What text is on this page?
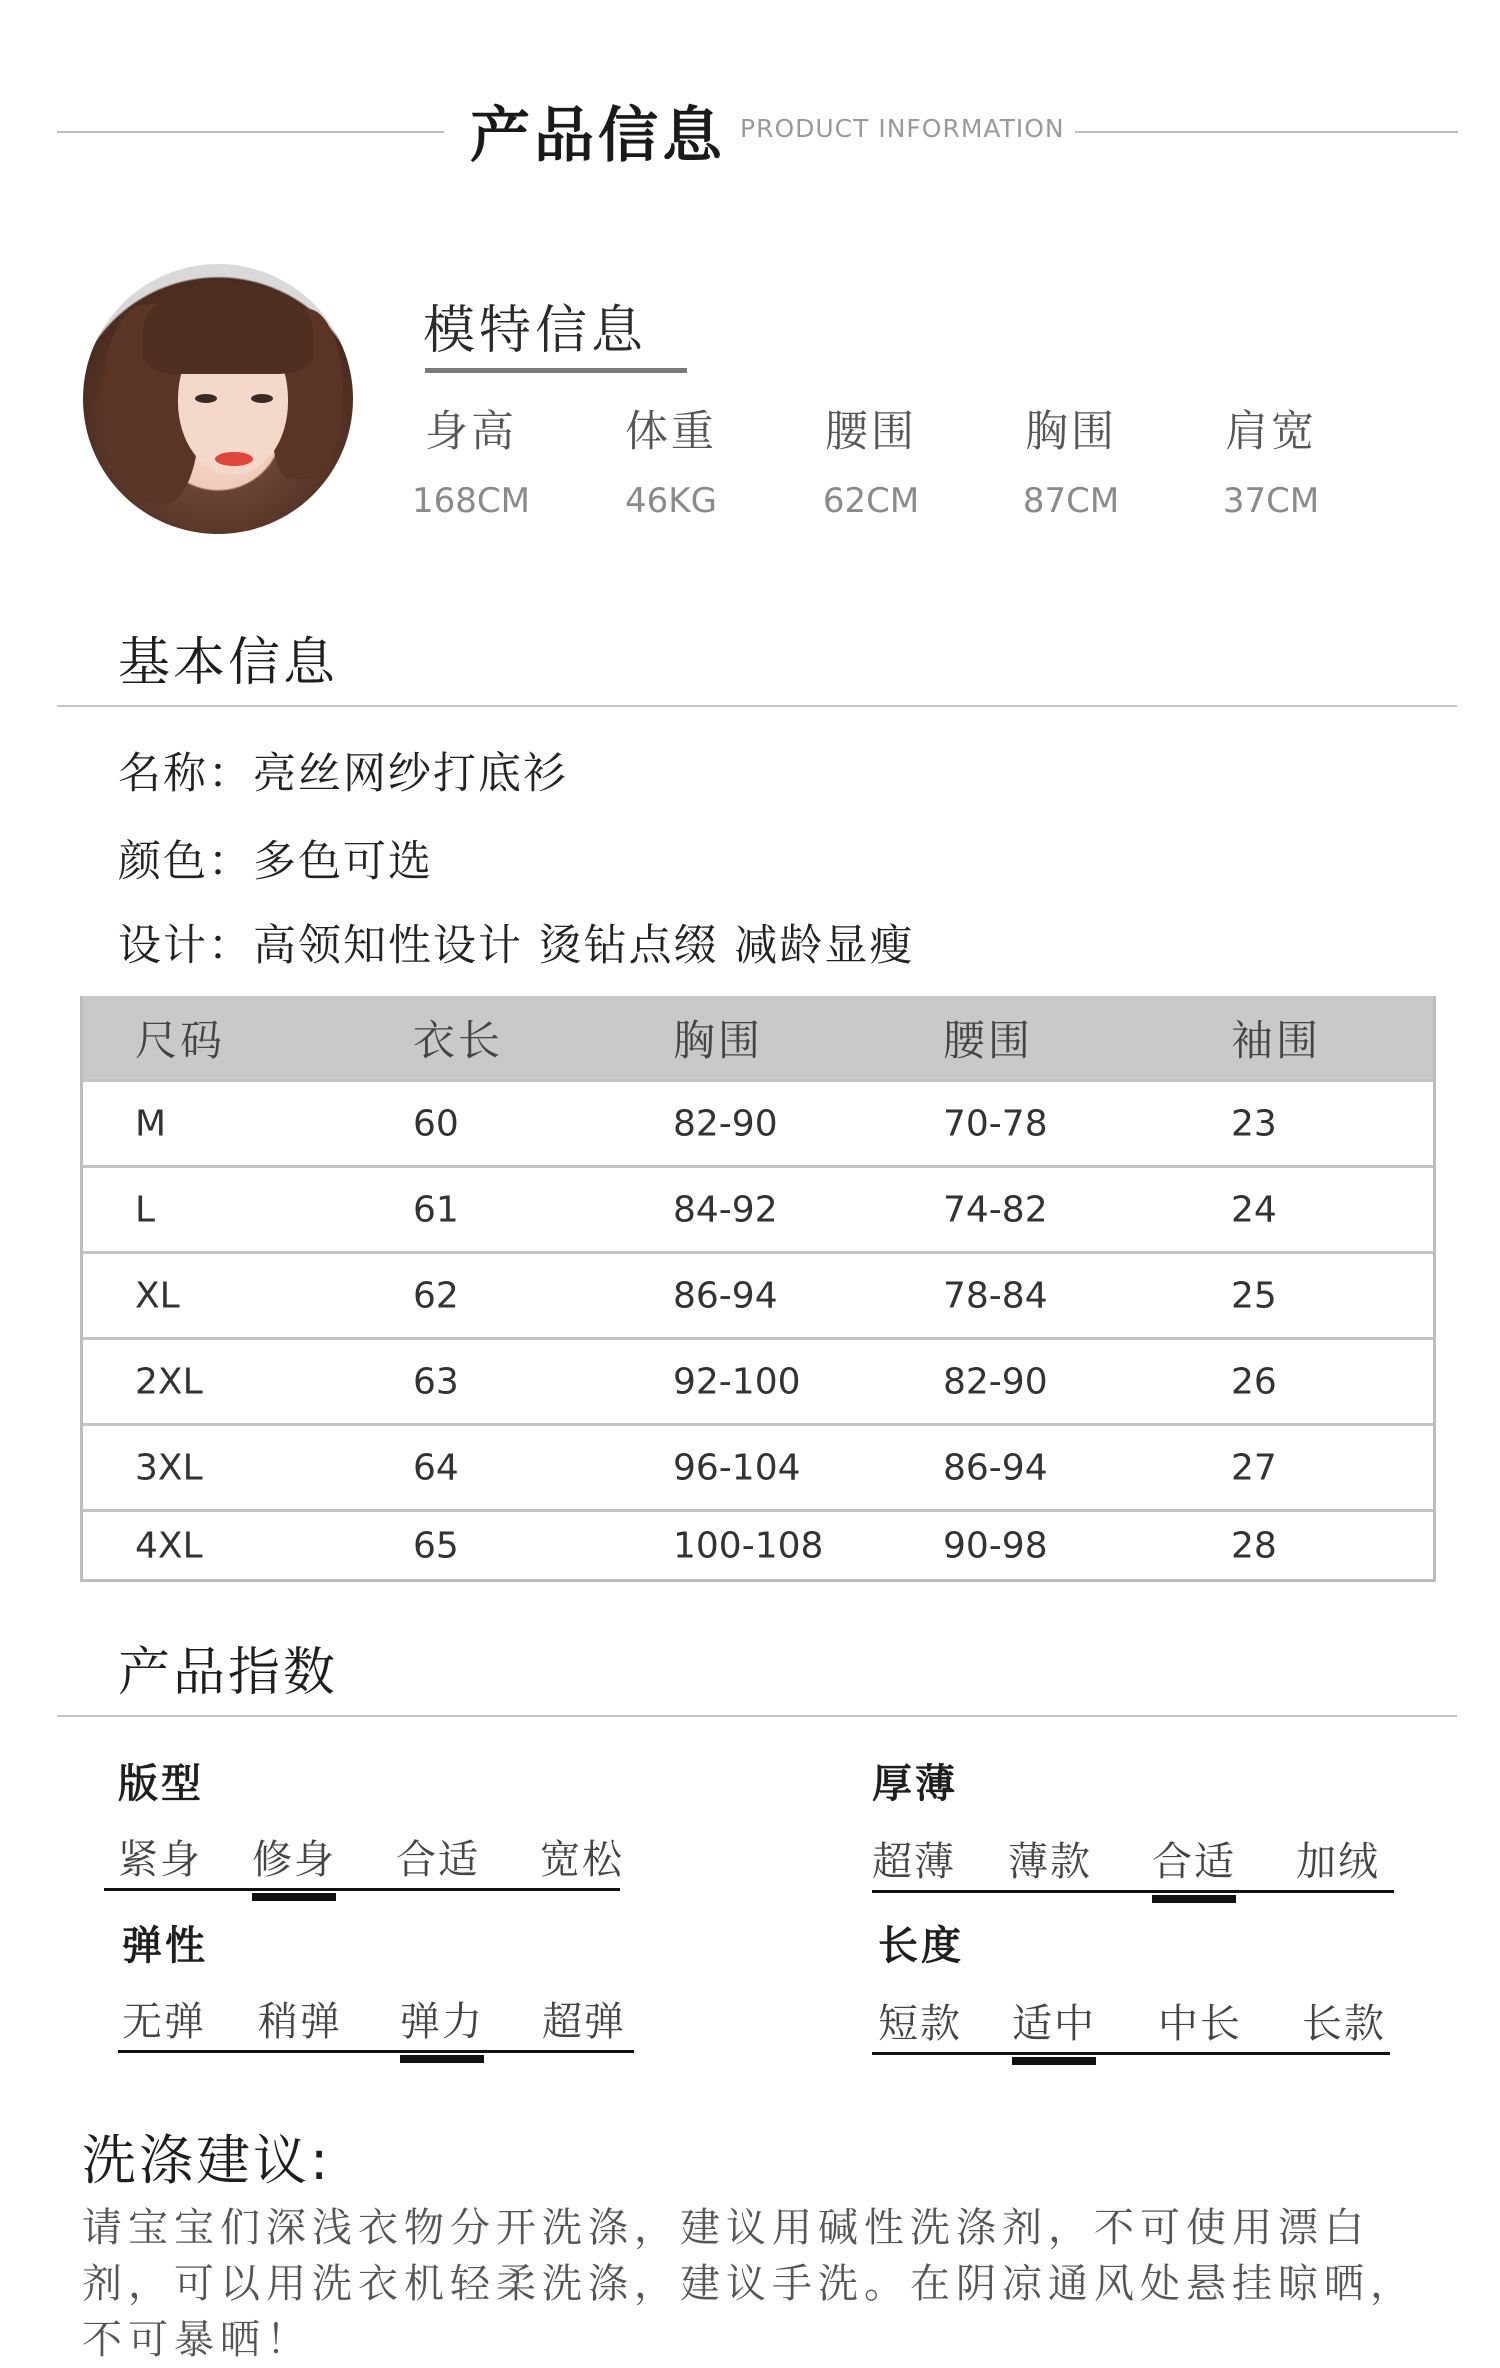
产品信息 PRODUCT INFORMATION
模特信息
身高
168CM
体重
46KG
腰围
62CM
胸围
87CM
肩宽
37CM
基本信息
名称：亮丝网纱打底衫
颜色：多色可选
设计：高领知性设计 烫钻点缀 减龄显瘦
尺码	衣长	胸围	腰围	袖围
M	60	82-90	70-78	23
L	61	84-92	74-82	24
XL	62	86-94	78-84	25
2XL	63	92-100	82-90	26
3XL	64	96-104	86-94	27
4XL	65	100-108	90-98	28
产品指数
版型
紧身 修身 合适 宽松
厚薄
超薄 薄款 合适 加绒
弹性
无弹 稍弹 弹力 超弹
长度
短款 适中 中长 长款
洗涤建议:
请宝宝们深浅衣物分开洗涤，建议用碱性洗涤剂，不可使用漂白剂，可以用洗衣机轻柔洗涤，建议手洗。在阴凉通风处悬挂晾晒，不可暴晒！
